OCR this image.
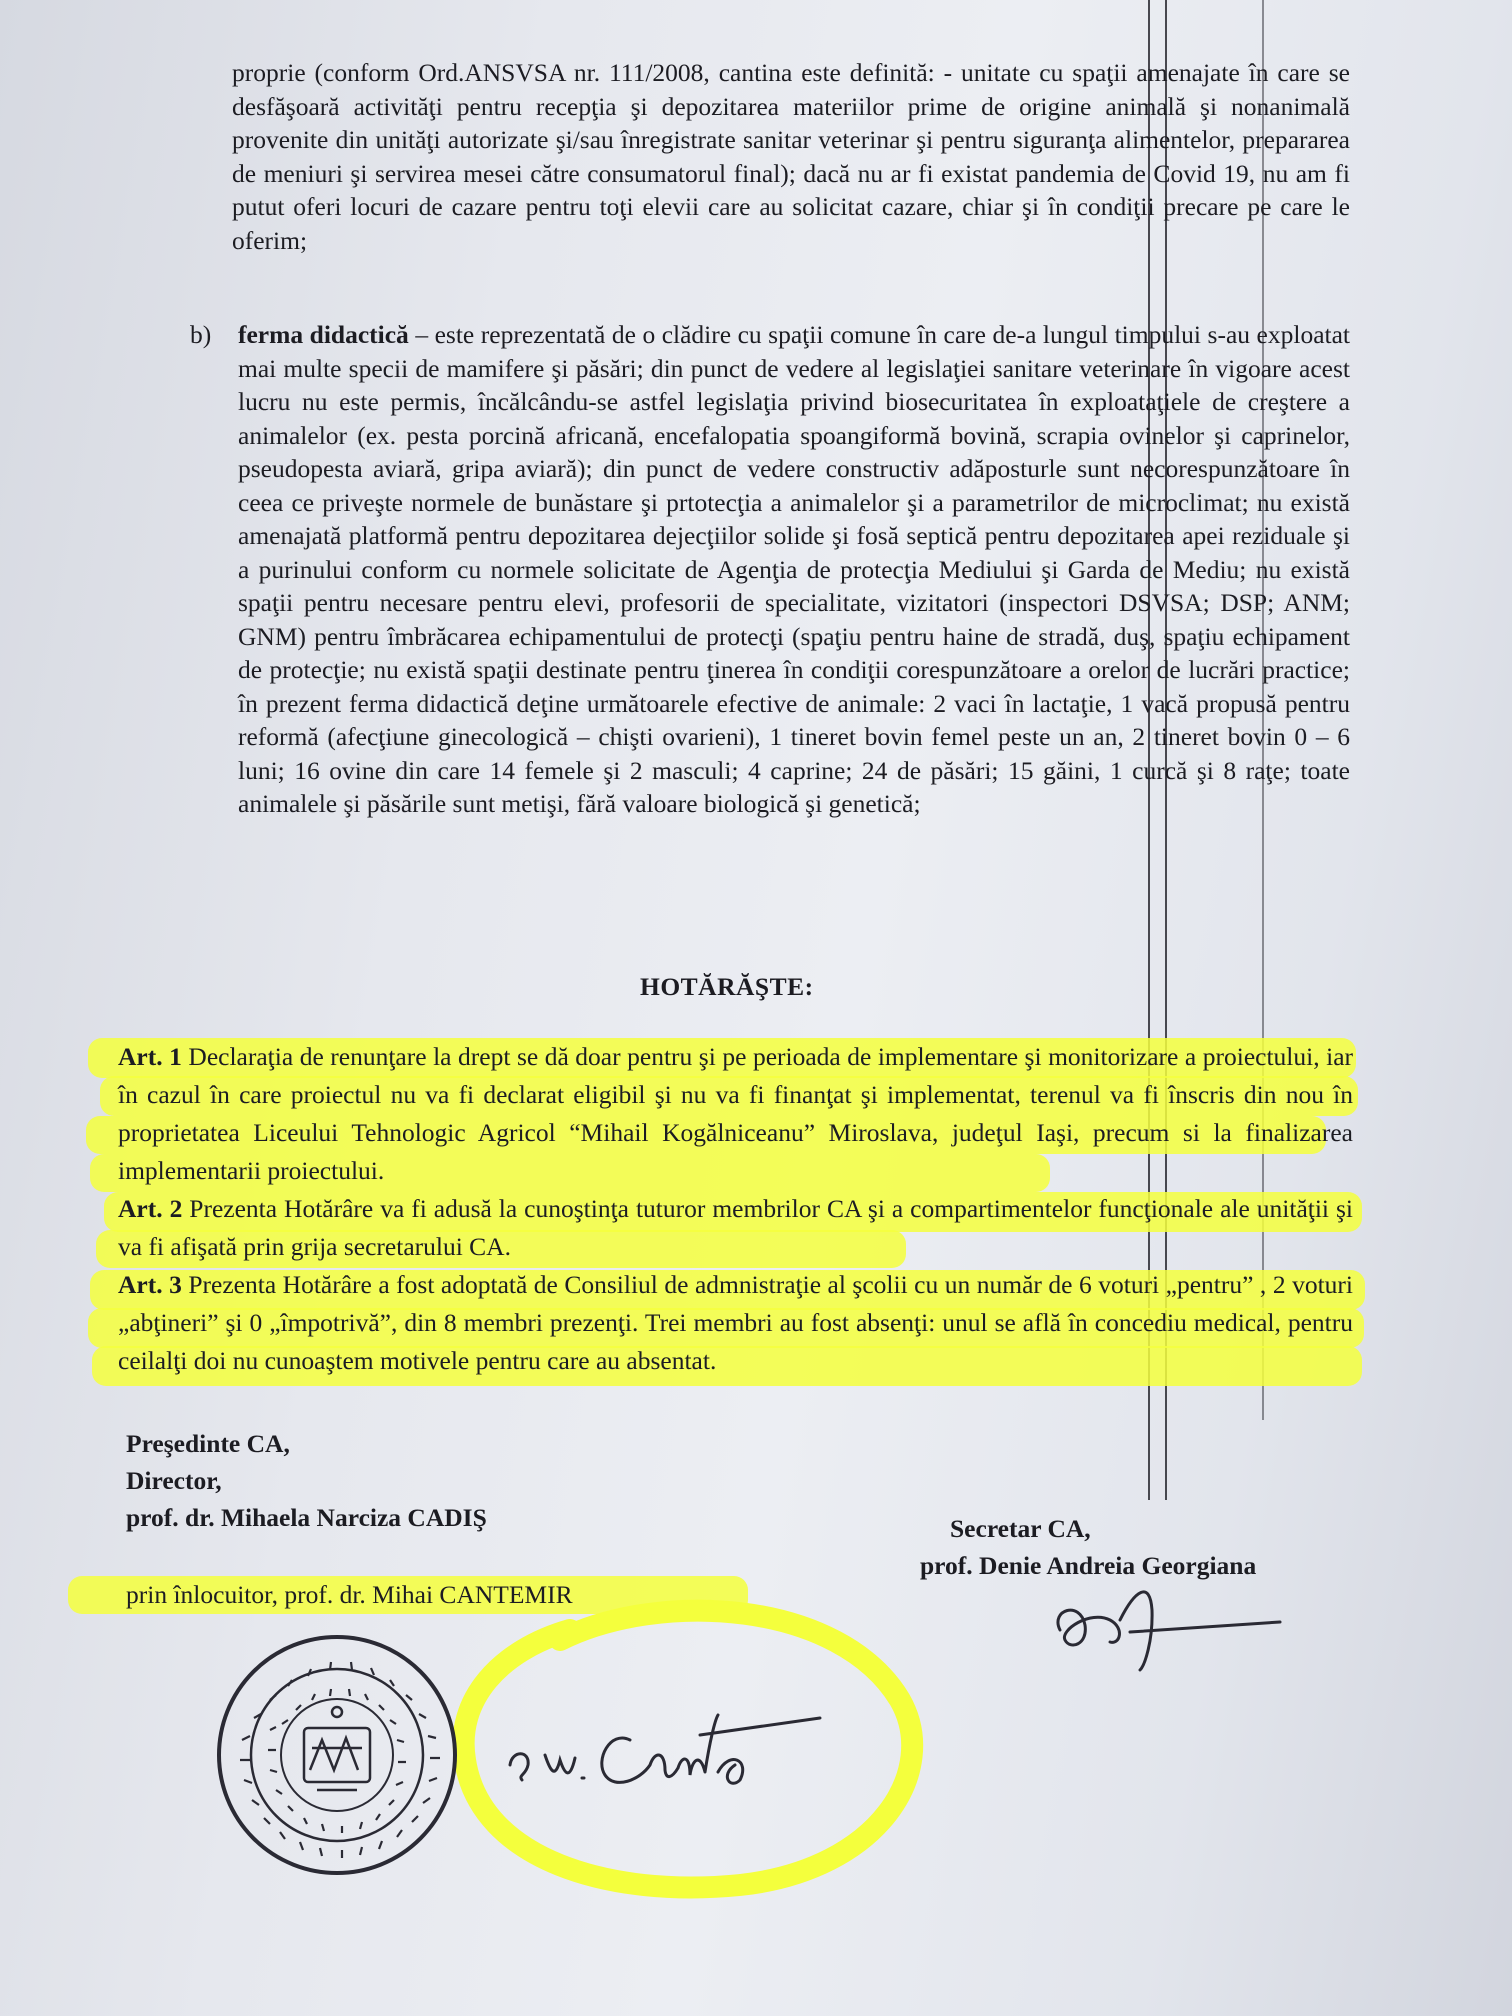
proprie (conform Ord.ANSVSA nr. 111/2008, cantina este definită: - unitate cu spaţii amenajate în care se desfăşoară activităţi pentru recepţia şi depozitarea materiilor prime de origine animală şi nonanimală provenite din unităţi autorizate şi/sau înregistrate sanitar veterinar şi pentru siguranţa alimentelor, prepararea de meniuri şi servirea mesei către consumatorul final); dacă nu ar fi existat pandemia de Covid 19, nu am fi putut oferi locuri de cazare pentru toţi elevii care au solicitat cazare, chiar şi în condiţii precare pe care le oferim;

b) ferma didactică – este reprezentată de o clădire cu spaţii comune în care de-a lungul timpului s-au exploatat mai multe specii de mamifere şi păsări; din punct de vedere al legislaţiei sanitare veterinare în vigoare acest lucru nu este permis, încălcându-se astfel legislaţia privind biosecuritatea în exploataţiele de creştere a animalelor (ex. pesta porcină africană, encefalopatia spoangiformă bovină, scrapia ovinelor şi caprinelor, pseudopesta aviară, gripa aviară); din punct de vedere constructiv adăposturle sunt necorespunzătoare în ceea ce priveşte normele de bunăstare şi prtotecţia a animalelor şi a parametrilor de microclimat; nu există amenajată platformă pentru depozitarea dejecţiilor solide şi fosă septică pentru depozitarea apei reziduale şi a purinului conform cu normele solicitate de Agenţia de protecţia Mediului şi Garda de Mediu; nu există spaţii pentru necesare pentru elevi, profesorii de specialitate, vizitatori (inspectori DSVSA; DSP; ANM; GNM) pentru îmbrăcarea echipamentului de protecţi (spaţiu pentru haine de stradă, duş, spaţiu echipament de protecţie; nu există spaţii destinate pentru ţinerea în condiţii corespunzătoare a orelor de lucrări practice; în prezent ferma didactică deţine următoarele efective de animale: 2 vaci în lactaţie, 1 vacă propusă pentru reformă (afecţiune ginecologică – chişti ovarieni), 1 tineret bovin femel peste un an, 2 tineret bovin 0 – 6 luni; 16 ovine din care 14 femele şi 2 masculi; 4 caprine; 24 de păsări; 15 găini, 1 curcă şi 8 raţe; toate animalele şi păsările sunt metişi, fără valoare biologică şi genetică;

HOTĂRĂŞTE:

Art. 1 Declaraţia de renunţare la drept se dă doar pentru şi pe perioada de implementare şi monitorizare a proiectului, iar în cazul în care proiectul nu va fi declarat eligibil şi nu va fi finanţat şi implementat, terenul va fi înscris din nou în proprietatea Liceului Tehnologic Agricol “Mihail Kogălniceanu” Miroslava, judeţul Iaşi, precum si la finalizarea implementarii proiectului.

Art. 2 Prezenta Hotărâre va fi adusă la cunoştinţa tuturor membrilor CA şi a compartimentelor funcţionale ale unităţii şi va fi afişată prin grija secretarului CA.

Art. 3 Prezenta Hotărâre a fost adoptată de Consiliul de admnistraţie al şcolii cu un număr de 6 voturi „pentru” , 2 voturi „abţineri” şi 0 „împotrivă”, din 8 membri prezenţi. Trei membri au fost absenţi: unul se află în concediu medical, pentru ceilalţi doi nu cunoaştem motivele pentru care au absentat.

Preşedinte CA,
Director,
prof. dr. Mihaela Narciza CADIŞ
prin înlocuitor, prof. dr. Mihai CANTEMIR
Secretar CA,
prof. Denie Andreia Georgiana
